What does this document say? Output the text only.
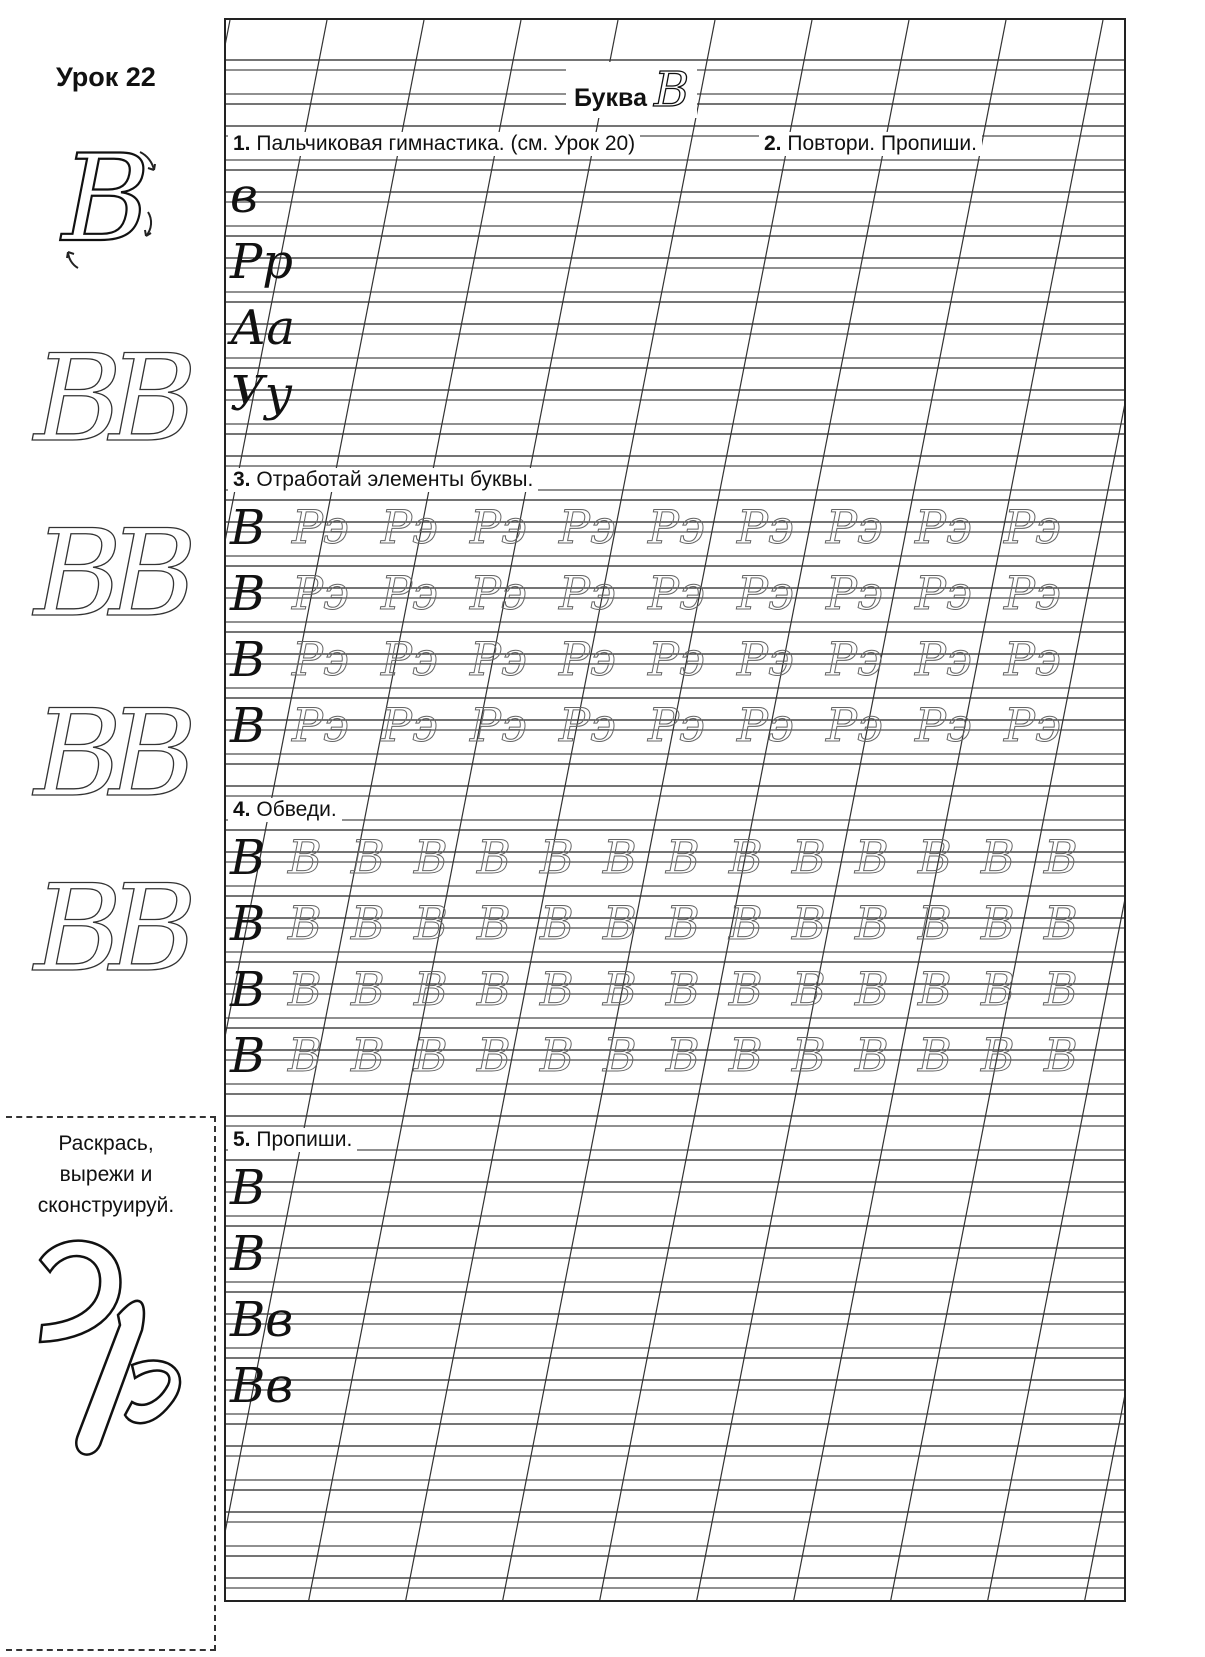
Урок 22
В
В
В
В
В
В
В
В
В
Раскрась,
вырежи и
сконструируй.
Буква В
1. Пальчиковая гимнастика. (см. Урок 20)	2. Повтори. Пропиши.
3. Отработай элементы буквы.
4. Обведи.
5. Пропиши.
в
Рр
Аа
Уу
В Рэ Рэ Рэ Рэ Рэ Рэ Рэ Рэ Рэ
В Рэ Рэ Рэ Рэ Рэ Рэ Рэ Рэ Рэ
В Рэ Рэ Рэ Рэ Рэ Рэ Рэ Рэ Рэ
В Рэ Рэ Рэ Рэ Рэ Рэ Рэ Рэ Рэ
В В В В В В В В В В В В В В
В В В В В В В В В В В В В В
В В В В В В В В В В В В В В
В В В В В В В В В В В В В В
В
В
Вв
Вв
